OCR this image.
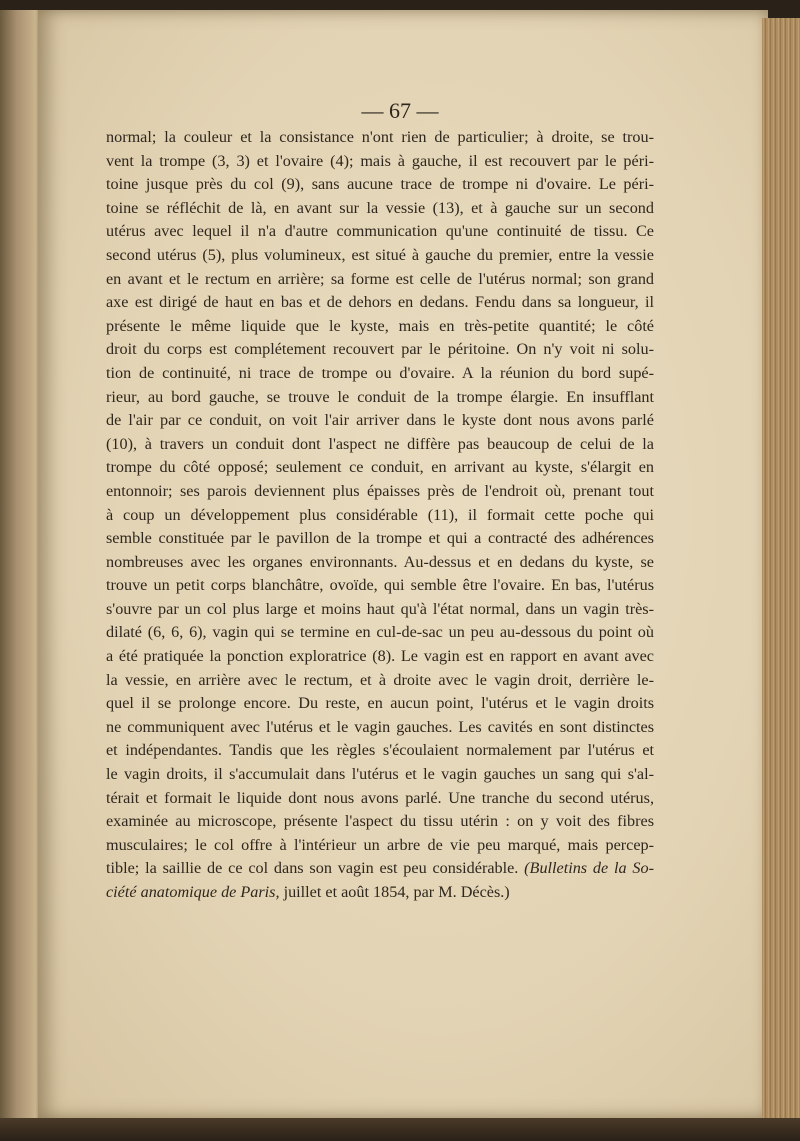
— 67 —
normal; la couleur et la consistance n'ont rien de particulier; à droite, se trou-
vent la trompe (3, 3) et l'ovaire (4); mais à gauche, il est recouvert par le péri-
toine jusque près du col (9), sans aucune trace de trompe ni d'ovaire. Le péri-
toine se réfléchit de là, en avant sur la vessie (13), et à gauche sur un second
utérus avec lequel il n'a d'autre communication qu'une continuité de tissu. Ce
second utérus (5), plus volumineux, est situé à gauche du premier, entre la vessie
en avant et le rectum en arrière; sa forme est celle de l'utérus normal; son grand
axe est dirigé de haut en bas et de dehors en dedans. Fendu dans sa longueur, il
présente le même liquide que le kyste, mais en très-petite quantité; le côté
droit du corps est complétement recouvert par le péritoine. On n'y voit ni solu-
tion de continuité, ni trace de trompe ou d'ovaire. A la réunion du bord supé-
rieur, au bord gauche, se trouve le conduit de la trompe élargie. En insufflant
de l'air par ce conduit, on voit l'air arriver dans le kyste dont nous avons parlé
(10), à travers un conduit dont l'aspect ne diffère pas beaucoup de celui de la
trompe du côté opposé; seulement ce conduit, en arrivant au kyste, s'élargit en
entonnoir; ses parois deviennent plus épaisses près de l'endroit où, prenant tout
à coup un développement plus considérable (11), il formait cette poche qui
semble constituée par le pavillon de la trompe et qui a contracté des adhérences
nombreuses avec les organes environnants. Au-dessus et en dedans du kyste, se
trouve un petit corps blanchâtre, ovoïde, qui semble être l'ovaire. En bas, l'utérus
s'ouvre par un col plus large et moins haut qu'à l'état normal, dans un vagin très-
dilaté (6, 6, 6), vagin qui se termine en cul-de-sac un peu au-dessous du point où
a été pratiquée la ponction exploratrice (8). Le vagin est en rapport en avant avec
la vessie, en arrière avec le rectum, et à droite avec le vagin droit, derrière le-
quel il se prolonge encore. Du reste, en aucun point, l'utérus et le vagin droits
ne communiquent avec l'utérus et le vagin gauches. Les cavités en sont distinctes
et indépendantes. Tandis que les règles s'écoulaient normalement par l'utérus et
le vagin droits, il s'accumulait dans l'utérus et le vagin gauches un sang qui s'al-
térait et formait le liquide dont nous avons parlé. Une tranche du second utérus,
examinée au microscope, présente l'aspect du tissu utérin : on y voit des fibres
musculaires; le col offre à l'intérieur un arbre de vie peu marqué, mais percep-
tible; la saillie de ce col dans son vagin est peu considérable. (Bulletins de la So-
ciété anatomique de Paris, juillet et août 1854, par M. Décès.)
